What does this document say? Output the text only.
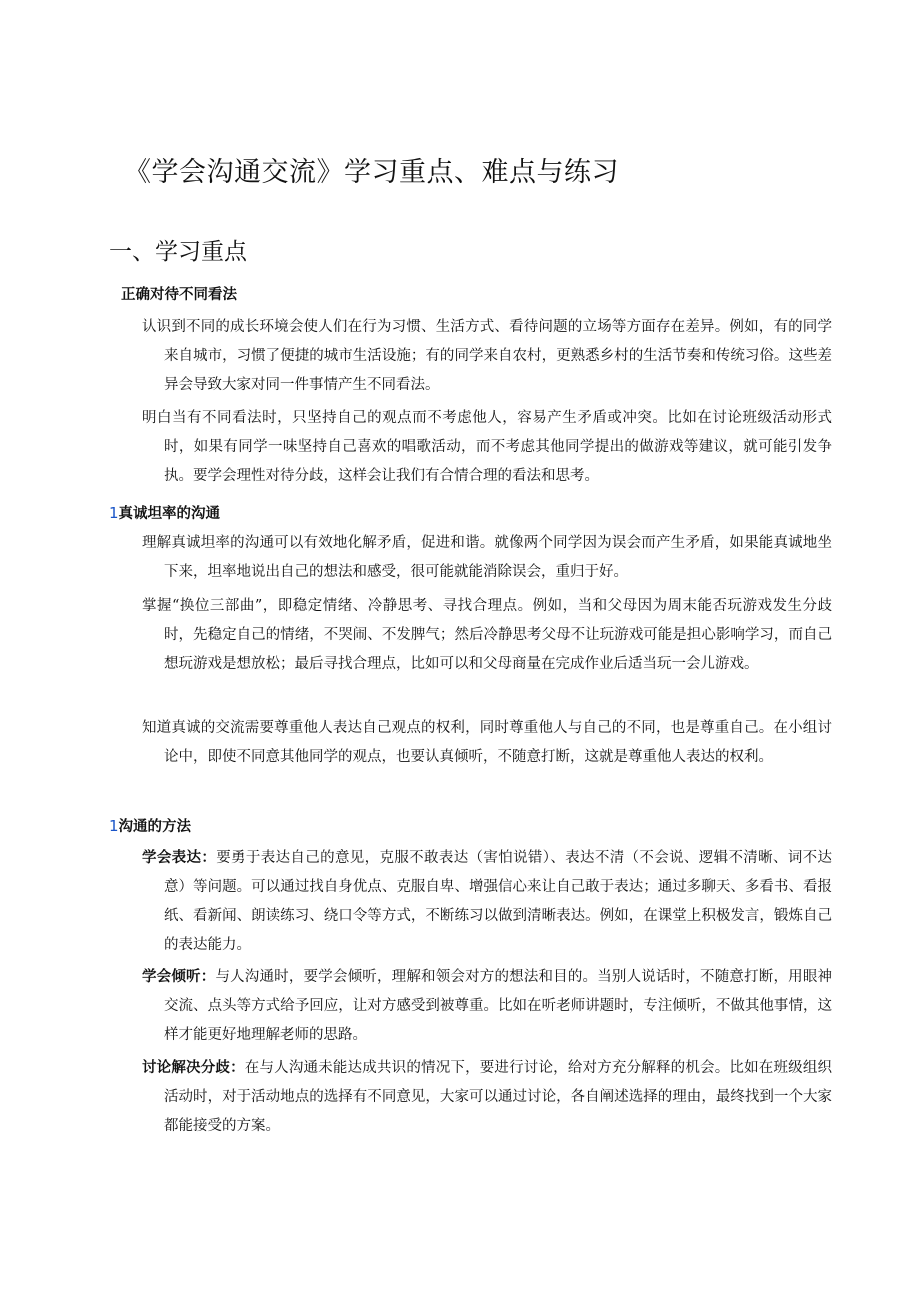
《学会沟通交流》学习重点、难点与练习
一、学习重点
正确对待不同看法

认识到不同的成长环境会使人们在行为习惯、生活方式、看待问题的立场等方面存在差异。例如，有的同学来自城市，习惯了便捷的城市生活设施；有的同学来自农村，更熟悉乡村的生活节奏和传统习俗。这些差异会导致大家对同一件事情产生不同看法。

明白当有不同看法时，只坚持自己的观点而不考虑他人，容易产生矛盾或冲突。比如在讨论班级活动形式时，如果有同学一味坚持自己喜欢的唱歌活动，而不考虑其他同学提出的做游戏等建议，就可能引发争执。要学会理性对待分歧，这样会让我们有合情合理的看法和思考。

1真诚坦率的沟通

理解真诚坦率的沟通可以有效地化解矛盾，促进和谐。就像两个同学因为误会而产生矛盾，如果能真诚地坐下来，坦率地说出自己的想法和感受，很可能就能消除误会，重归于好。

掌握“换位三部曲”，即稳定情绪、冷静思考、寻找合理点。例如，当和父母因为周末能否玩游戏发生分歧时，先稳定自己的情绪，不哭闹、不发脾气；然后冷静思考父母不让玩游戏可能是担心影响学习，而自己想玩游戏是想放松；最后寻找合理点，比如可以和父母商量在完成作业后适当玩一会儿游戏。

知道真诚的交流需要尊重他人表达自己观点的权利，同时尊重他人与自己的不同，也是尊重自己。在小组讨论中，即使不同意其他同学的观点，也要认真倾听，不随意打断，这就是尊重他人表达的权利。

1沟通的方法

学会表达：要勇于表达自己的意见，克服不敢表达（害怕说错）、表达不清（不会说、逻辑不清晰、词不达意）等问题。可以通过找自身优点、克服自卑、增强信心来让自己敢于表达；通过多聊天、多看书、看报纸、看新闻、朗读练习、绕口令等方式，不断练习以做到清晰表达。例如，在课堂上积极发言，锻炼自己的表达能力。

学会倾听：与人沟通时，要学会倾听，理解和领会对方的想法和目的。当别人说话时，不随意打断，用眼神交流、点头等方式给予回应，让对方感受到被尊重。比如在听老师讲题时，专注倾听，不做其他事情，这样才能更好地理解老师的思路。

讨论解决分歧：在与人沟通未能达成共识的情况下，要进行讨论，给对方充分解释的机会。比如在班级组织活动时，对于活动地点的选择有不同意见，大家可以通过讨论，各自阐述选择的理由，最终找到一个大家都能接受的方案。
